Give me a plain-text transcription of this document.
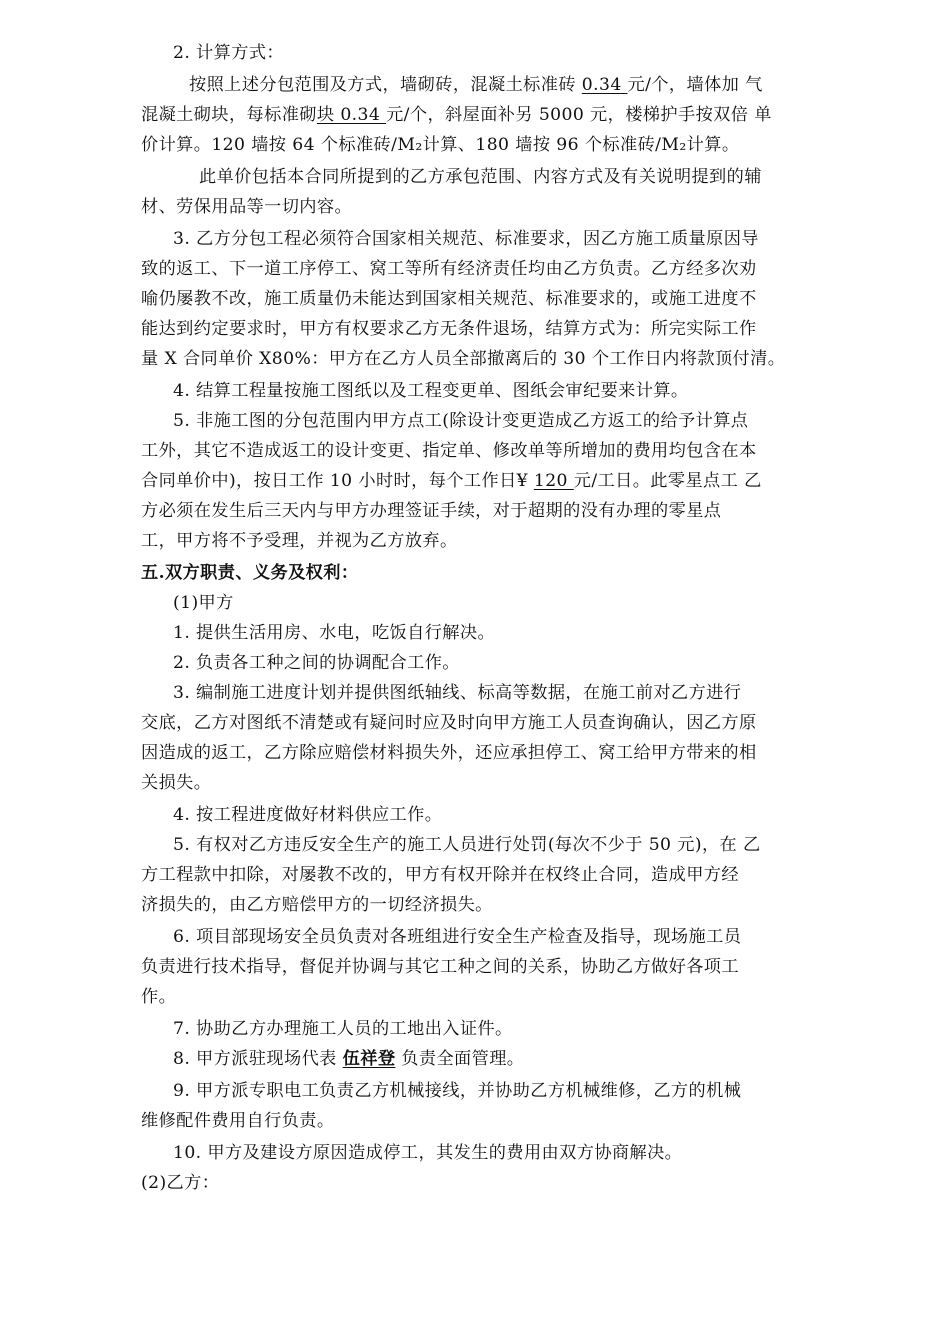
2. 计算方式：
按照上述分包范围及方式，墙砌砖，混凝土标准砖 0.34 元/个，墙体加 气
混凝土砌块，每标准砌块 0.34 元/个，斜屋面补另 5000 元，楼梯护手按双倍 单
价计算。120 墙按 64 个标准砖/M₂计算、180 墙按 96 个标准砖/M₂计算。
此单价包括本合同所提到的乙方承包范围、内容方式及有关说明提到的辅
材、劳保用品等一切内容。
3. 乙方分包工程必须符合国家相关规范、标准要求，因乙方施工质量原因导
致的返工、下一道工序停工、窝工等所有经济责任均由乙方负责。乙方经多次劝
喻仍屡教不改，施工质量仍未能达到国家相关规范、标准要求的，或施工进度不
能达到约定要求时，甲方有权要求乙方无条件退场，结算方式为：所完实际工作
量 X 合同单价 X80%：甲方在乙方人员全部撤离后的 30 个工作日内将款顶付清。
4. 结算工程量按施工图纸以及工程变更单、图纸会审纪要来计算。
5. 非施工图的分包范围内甲方点工(除设计变更造成乙方返工的给予计算点
工外，其它不造成返工的设计变更、指定单、修改单等所增加的费用均包含在本
合同单价中)，按日工作 10 小时时，每个工作日¥ 120 元/工日。此零星点工 乙
方必须在发生后三天内与甲方办理签证手续，对于超期的没有办理的零星点
工，甲方将不予受理，并视为乙方放弃。
五.双方职责、义务及权利：
(1)甲方
1. 提供生活用房、水电，吃饭自行解决。
2. 负责各工种之间的协调配合工作。
3. 编制施工进度计划并提供图纸轴线、标高等数据，在施工前对乙方进行
交底，乙方对图纸不清楚或有疑问时应及时向甲方施工人员查询确认，因乙方原
因造成的返工，乙方除应赔偿材料损失外，还应承担停工、窝工给甲方带来的相
关损失。
4. 按工程进度做好材料供应工作。
5. 有权对乙方违反安全生产的施工人员进行处罚(每次不少于 50 元)，在 乙
方工程款中扣除，对屡教不改的，甲方有权开除并在权终止合同，造成甲方经
济损失的，由乙方赔偿甲方的一切经济损失。
6. 项目部现场安全员负责对各班组进行安全生产检查及指导，现场施工员
负责进行技术指导，督促并协调与其它工种之间的关系，协助乙方做好各项工
作。
7. 协助乙方办理施工人员的工地出入证件。
8. 甲方派驻现场代表 伍祥登 负责全面管理。
9. 甲方派专职电工负责乙方机械接线，并协助乙方机械维修，乙方的机械
维修配件费用自行负责。
10. 甲方及建设方原因造成停工，其发生的费用由双方协商解决。
(2)乙方：
